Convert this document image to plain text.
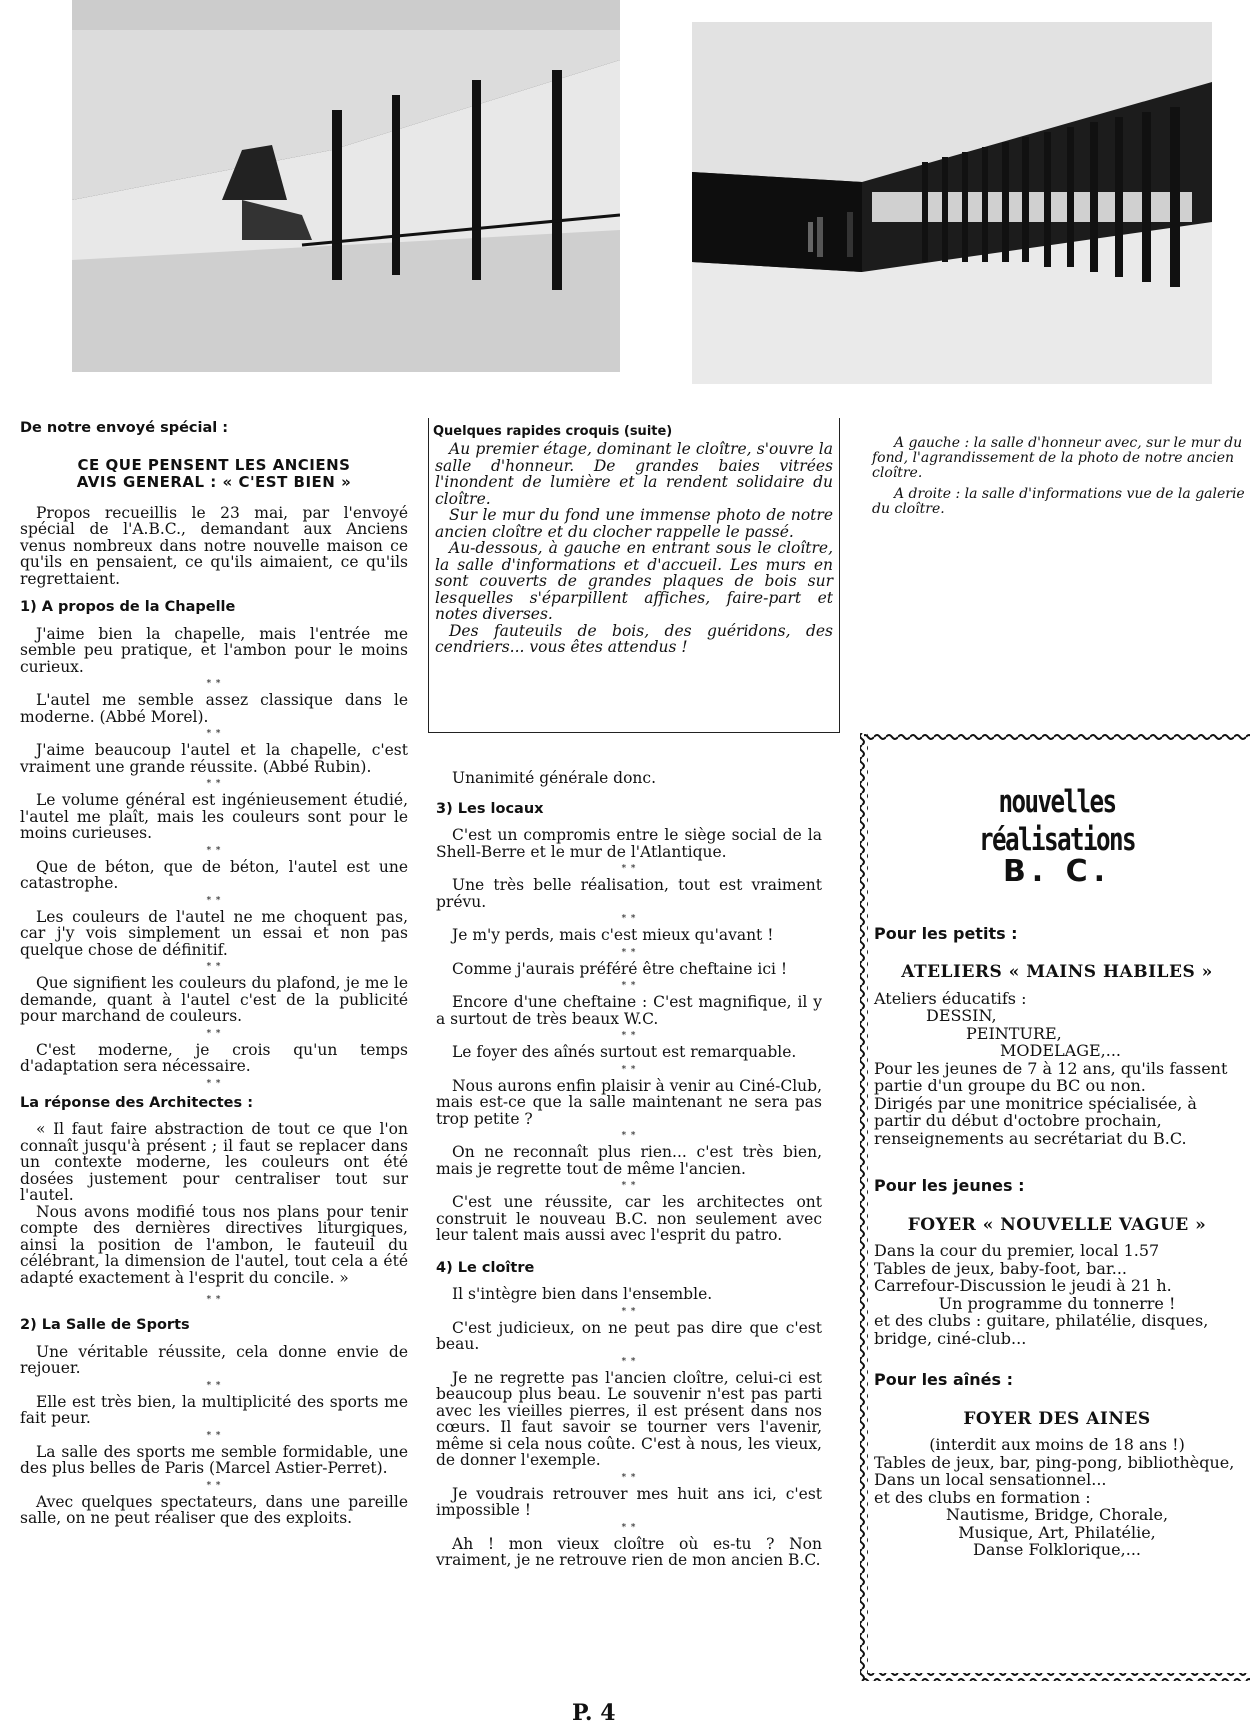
De notre envoyé spécial :
CE QUE PENSENT LES ANCIENS
AVIS GENERAL : « C'EST BIEN »

Propos recueillis le 23 mai, par l'envoyé spécial de l'A.B.C., demandant aux Anciens venus nombreux dans notre nouvelle maison ce qu'ils en pensaient, ce qu'ils aimaient, ce qu'ils regrettaient.

1) A propos de la Chapelle

J'aime bien la chapelle, mais l'entrée me semble peu pratique, et l'ambon pour le moins curieux.

* *

L'autel me semble assez classique dans le moderne. (Abbé Morel).

* *

J'aime beaucoup l'autel et la chapelle, c'est vraiment une grande réussite. (Abbé Rubin).

* *

Le volume général est ingénieusement étudié, l'autel me plaît, mais les couleurs sont pour le moins curieuses.

* *

Que de béton, que de béton, l'autel est une catastrophe.

* *

Les couleurs de l'autel ne me choquent pas, car j'y vois simplement un essai et non pas quelque chose de définitif.

* *

Que signifient les couleurs du plafond, je me le demande, quant à l'autel c'est de la publicité pour marchand de couleurs.

* *

C'est moderne, je crois qu'un temps d'adaptation sera nécessaire.

* *
La réponse des Architectes :

« Il faut faire abstraction de tout ce que l'on connaît jusqu'à présent ; il faut se replacer dans un contexte moderne, les couleurs ont été dosées justement pour centraliser tout sur l'autel.

Nous avons modifié tous nos plans pour tenir compte des dernières directives liturgiques, ainsi la position de l'ambon, le fauteuil du célébrant, la dimension de l'autel, tout cela a été adapté exactement à l'esprit du concile. »

* *
2) La Salle de Sports

Une véritable réussite, cela donne envie de rejouer.

* *

Elle est très bien, la multiplicité des sports me fait peur.

* *

La salle des sports me semble formidable, une des plus belles de Paris (Marcel Astier-Perret).

* *

Avec quelques spectateurs, dans une pareille salle, on ne peut réaliser que des exploits.

Quelques rapides croquis (suite)

Au premier étage, dominant le cloître, s'ouvre la salle d'honneur. De grandes baies vitrées l'inondent de lumière et la rendent solidaire du cloître.

Sur le mur du fond une immense photo de notre ancien cloître et du clocher rappelle le passé.

Au-dessous, à gauche en entrant sous le cloître, la salle d'informations et d'accueil. Les murs en sont couverts de grandes plaques de bois sur lesquelles s'éparpillent affiches, faire-part et notes diverses.

Des fauteuils de bois, des guéridons, des cendriers... vous êtes attendus !

A gauche : la salle d'honneur avec, sur le mur du fond, l'agrandissement de la photo de notre ancien cloître.

A droite : la salle d'informations vue de la galerie du cloître.

Unanimité générale donc.

3) Les locaux

C'est un compromis entre le siège social de la Shell-Berre et le mur de l'Atlantique.

* *

Une très belle réalisation, tout est vraiment prévu.

* *

Je m'y perds, mais c'est mieux qu'avant !

* *

Comme j'aurais préféré être cheftaine ici !

* *

Encore d'une cheftaine : C'est magnifique, il y a surtout de très beaux W.C.

* *

Le foyer des aînés surtout est remarquable.

* *

Nous aurons enfin plaisir à venir au Ciné-Club, mais est-ce que la salle maintenant ne sera pas trop petite ?

* *

On ne reconnaît plus rien... c'est très bien, mais je regrette tout de même l'ancien.

* *

C'est une réussite, car les architectes ont construit le nouveau B.C. non seulement avec leur talent mais aussi avec l'esprit du patro.

4) Le cloître

Il s'intègre bien dans l'ensemble.

* *

C'est judicieux, on ne peut pas dire que c'est beau.

* *

Je ne regrette pas l'ancien cloître, celui-ci est beaucoup plus beau. Le souvenir n'est pas parti avec les vieilles pierres, il est présent dans nos cœurs. Il faut savoir se tourner vers l'avenir, même si cela nous coûte. C'est à nous, les vieux, de donner l'exemple.

* *

Je voudrais retrouver mes huit ans ici, c'est impossible !

* *

Ah ! mon vieux cloître où es-tu ? Non vraiment, je ne retrouve rien de mon ancien B.C.

nouvelles réalisations
B. C.
Pour les petits :
ATELIERS « MAINS HABILES »
Ateliers éducatifs :
DESSIN,
PEINTURE,
MODELAGE,...
Pour les jeunes de 7 à 12 ans, qu'ils fassent partie d'un groupe du BC ou non.
Dirigés par une monitrice spécialisée, à partir du début d'octobre prochain, renseignements au secrétariat du B.C.
Pour les jeunes :
FOYER « NOUVELLE VAGUE »
Dans la cour du premier, local 1.57
Tables de jeux, baby-foot, bar...
Carrefour-Discussion le jeudi à 21 h.
Un programme du tonnerre !
et des clubs : guitare, philatélie, disques, bridge, ciné-club...
Pour les aînés :
FOYER DES AINES
(interdit aux moins de 18 ans !)
Tables de jeux, bar, ping-pong, bibliothèque,
Dans un local sensationnel...
et des clubs en formation :
Nautisme, Bridge, Chorale,
Musique, Art, Philatélie,
Danse Folklorique,...
P. 4
